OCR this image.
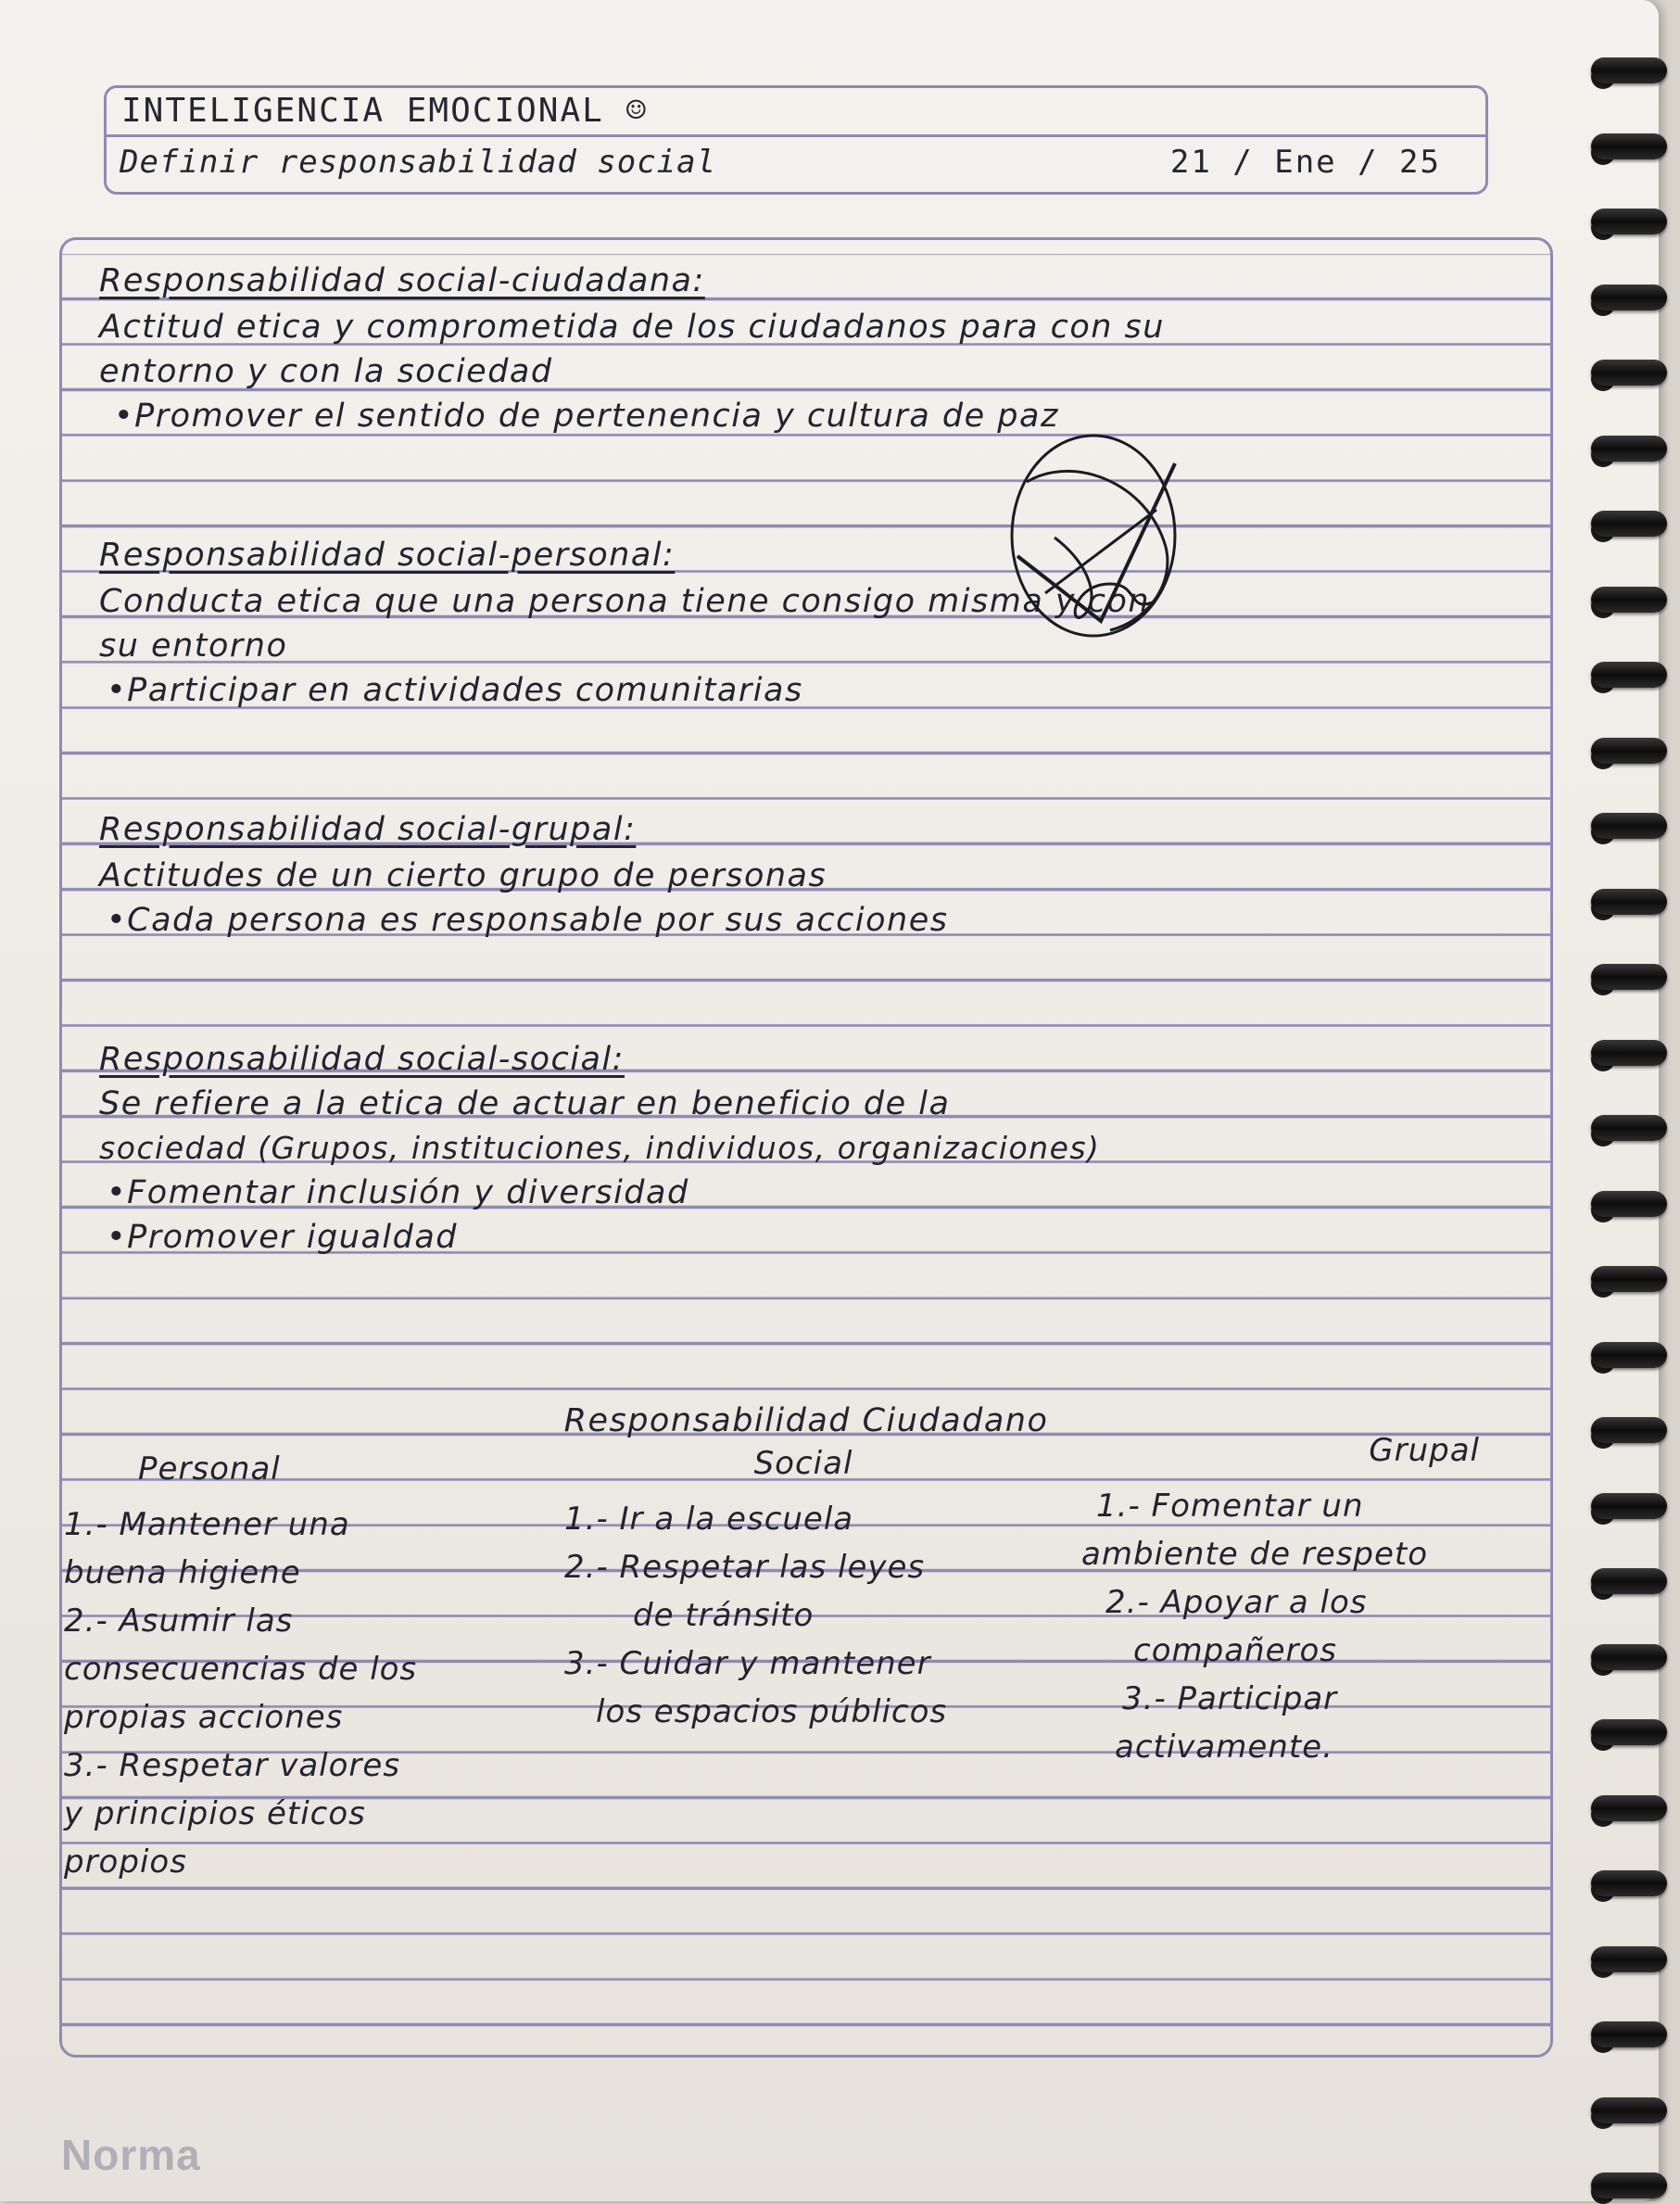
INTELIGENCIA EMOCIONAL ☺
Definir responsabilidad social	21 / Ene / 25
Responsabilidad social-ciudadana:
Actitud etica y comprometida de los ciudadanos para con su
entorno y con la sociedad
•Promover el sentido de pertenencia y cultura de paz
Responsabilidad social-personal:
Conducta etica que una persona tiene consigo misma y con
su entorno
•Participar en actividades comunitarias
Responsabilidad social-grupal:
Actitudes de un cierto grupo de personas
•Cada persona es responsable por sus acciones
Responsabilidad social-social:
Se refiere a la etica de actuar en beneficio de la
sociedad (Grupos, instituciones, individuos, organizaciones)
•Fomentar inclusión y diversidad
•Promover igualdad
Responsabilidad Ciudadano
Personal
1.- Mantener una
buena higiene
2.- Asumir las
consecuencias de los
propias acciones
3.- Respetar valores
y principios éticos
propios
Social
1.- Ir a la escuela
2.- Respetar las leyes
de tránsito
3.- Cuidar y mantener
los espacios públicos
Grupal
1.- Fomentar un
ambiente de respeto
2.- Apoyar a los
compañeros
3.- Participar
activamente.
Norma
